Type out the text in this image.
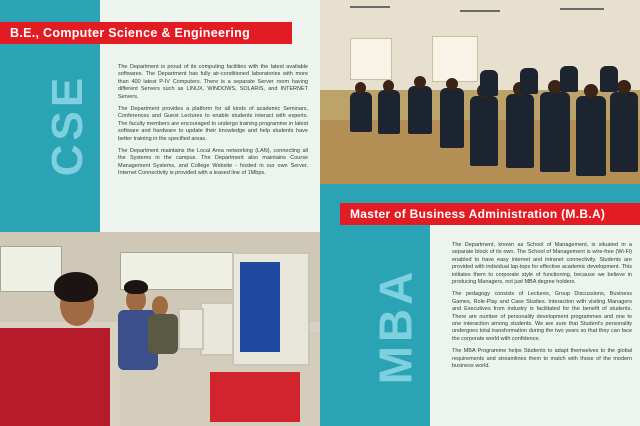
CSE
B.E., Computer Science & Engineering

The Department is proud of its computing facilities with the latest available softwares. The Department has fully air-conditioned laboratories with more than 400 latest P-IV Computers. There is a separate Server room having different Servers such as LINUX, WINDOWS, SOLARIS, and INTERNET Servers.

The Department provides a platform for all kinds of academic Seminars, Conferences and Guest Lectures to enable students interact with experts. The faculty members are encouraged to undergo training programme in latest software and hardware to update their knowledge and help students have better training in the specified areas.

The Department maintains the Local Area networking (LAN), connecting all the Systems in the campus. The Department also maintains Course Management Systems, and College Website - hosted in our own Server. Internet Connectivity is provided with a leased line of 1Mbps.

MBA
Master of Business Administration (M.B.A)

The Department, known as School of Management, is situated in a separate block of its own. The School of Management is wire-free (Wi-Fi) enabled to have easy internet and intranet connectivity. Students are provided with individual lap-tops for effective academic development. This initiates them to corporate style of functioning, because we believe in producing Managers, not just MBA degree holders.

The pedagogy consists of Lectures, Group Discussions, Business Games, Role-Play and Case Studies. Interaction with visiting Managers and Executives from industry is facilitated for the benefit of students. There are number of personality development programmes and one to one interaction among students. We are sure that Student's personality undergoes total transformation during the two years so that they can face the corporate world with confidence.

The MBA Programme helps Students to adapt themselves to the global requirements and streamlines them to match with those of the modern business world.
